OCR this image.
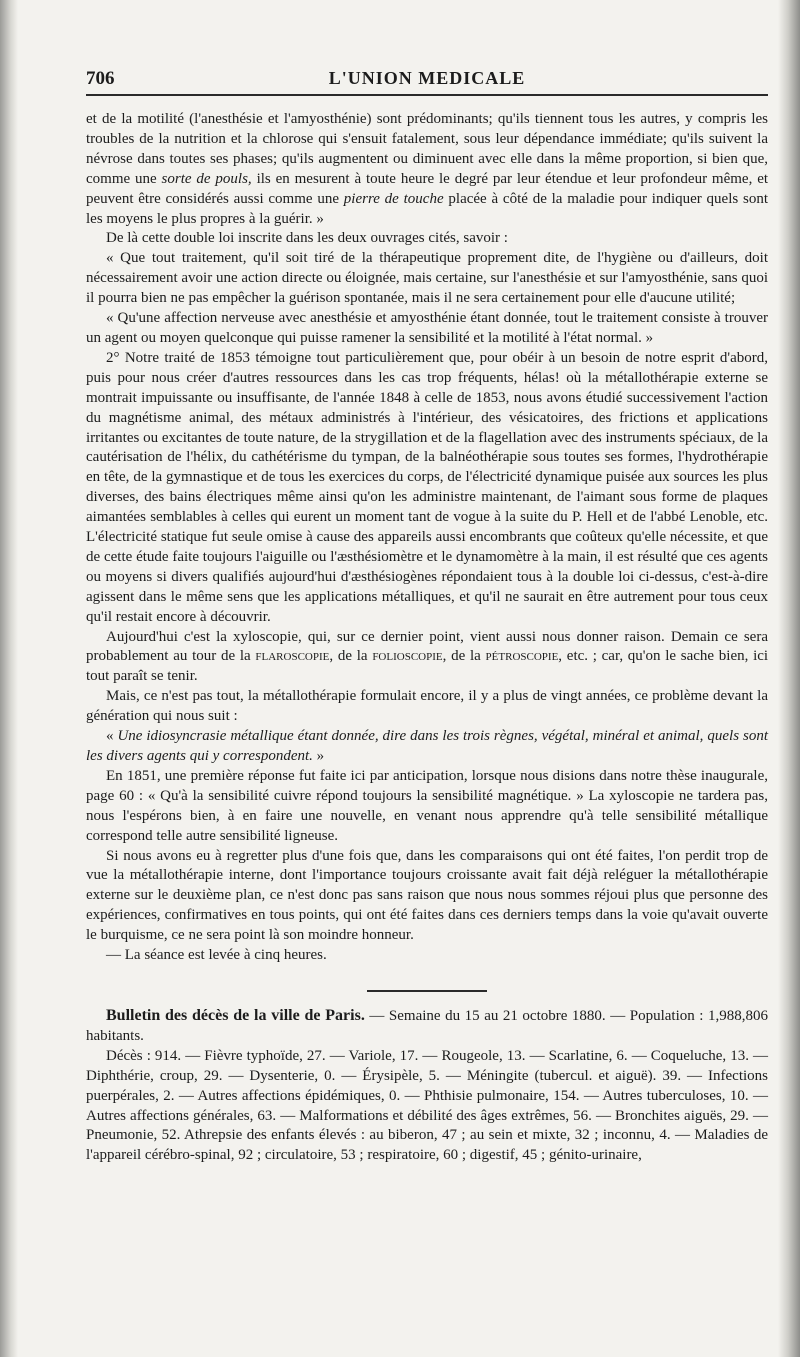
706	L'UNION MEDICALE

et de la motilité (l'anesthésie et l'amyosthénie) sont prédominants; qu'ils tiennent tous les autres, y compris les troubles de la nutrition et la chlorose qui s'ensuit fatalement, sous leur dépendance immédiate; qu'ils suivent la névrose dans toutes ses phases; qu'ils augmentent ou diminuent avec elle dans la même proportion, si bien que, comme une sorte de pouls, ils en mesurent à toute heure le degré par leur étendue et leur profondeur même, et peuvent être considérés aussi comme une pierre de touche placée à côté de la maladie pour indiquer quels sont les moyens le plus propres à la guérir. »

De là cette double loi inscrite dans les deux ouvrages cités, savoir :

« Que tout traitement, qu'il soit tiré de la thérapeutique proprement dite, de l'hygiène ou d'ailleurs, doit nécessairement avoir une action directe ou éloignée, mais certaine, sur l'anesthésie et sur l'amyosthénie, sans quoi il pourra bien ne pas empêcher la guérison spontanée, mais il ne sera certainement pour elle d'aucune utilité;

« Qu'une affection nerveuse avec anesthésie et amyosthénie étant donnée, tout le traitement consiste à trouver un agent ou moyen quelconque qui puisse ramener la sensibilité et la motilité à l'état normal. »

2° Notre traité de 1853 témoigne tout particulièrement que, pour obéir à un besoin de notre esprit d'abord, puis pour nous créer d'autres ressources dans les cas trop fréquents, hélas! où la métallothérapie externe se montrait impuissante ou insuffisante, de l'année 1848 à celle de 1853, nous avons étudié successivement l'action du magnétisme animal, des métaux administrés à l'intérieur, des vésicatoires, des frictions et applications irritantes ou excitantes de toute nature, de la strygillation et de la flagellation avec des instruments spéciaux, de la cautérisation de l'hélix, du cathétérisme du tympan, de la balnéothérapie sous toutes ses formes, l'hydrothérapie en tête, de la gymnastique et de tous les exercices du corps, de l'électricité dynamique puisée aux sources les plus diverses, des bains électriques même ainsi qu'on les administre maintenant, de l'aimant sous forme de plaques aimantées semblables à celles qui eurent un moment tant de vogue à la suite du P. Hell et de l'abbé Lenoble, etc. L'électricité statique fut seule omise à cause des appareils aussi encombrants que coûteux qu'elle nécessite, et que de cette étude faite toujours l'aiguille ou l'æsthésiomètre et le dynamomètre à la main, il est résulté que ces agents ou moyens si divers qualifiés aujourd'hui d'æsthésiogènes répondaient tous à la double loi ci-dessus, c'est-à-dire agissent dans le même sens que les applications métalliques, et qu'il ne saurait en être autrement pour tous ceux qu'il restait encore à découvrir.

Aujourd'hui c'est la xyloscopie, qui, sur ce dernier point, vient aussi nous donner raison. Demain ce sera probablement au tour de la flaroscopie, de la folioscopie, de la pétroscopie, etc. ; car, qu'on le sache bien, ici tout paraît se tenir.

Mais, ce n'est pas tout, la métallothérapie formulait encore, il y a plus de vingt années, ce problème devant la génération qui nous suit :

« Une idiosyncrasie métallique étant donnée, dire dans les trois règnes, végétal, minéral et animal, quels sont les divers agents qui y correspondent. »

En 1851, une première réponse fut faite ici par anticipation, lorsque nous disions dans notre thèse inaugurale, page 60 : « Qu'à la sensibilité cuivre répond toujours la sensibilité magnétique. » La xyloscopie ne tardera pas, nous l'espérons bien, à en faire une nouvelle, en venant nous apprendre qu'à telle sensibilité métallique correspond telle autre sensibilité ligneuse.

Si nous avons eu à regretter plus d'une fois que, dans les comparaisons qui ont été faites, l'on perdit trop de vue la métallothérapie interne, dont l'importance toujours croissante avait fait déjà reléguer la métallothérapie externe sur le deuxième plan, ce n'est donc pas sans raison que nous nous sommes réjoui plus que personne des expériences, confirmatives en tous points, qui ont été faites dans ces derniers temps dans la voie qu'avait ouverte le burquisme, ce ne sera point là son moindre honneur.

— La séance est levée à cinq heures.

Bulletin des décès de la ville de Paris. — Semaine du 15 au 21 octobre 1880. — Population : 1,988,806 habitants.

Décès : 914. — Fièvre typhoïde, 27. — Variole, 17. — Rougeole, 13. — Scarlatine, 6. — Coqueluche, 13. — Diphthérie, croup, 29. — Dysenterie, 0. — Érysipèle, 5. — Méningite (tubercul. et aiguë). 39. — Infections puerpérales, 2. — Autres affections épidémiques, 0. — Phthisie pulmonaire, 154. — Autres tuberculoses, 10. — Autres affections générales, 63. — Malformations et débilité des âges extrêmes, 56. — Bronchites aiguës, 29. — Pneumonie, 52. Athrepsie des enfants élevés : au biberon, 47 ; au sein et mixte, 32 ; inconnu, 4. — Maladies de l'appareil cérébro-spinal, 92 ; circulatoire, 53 ; respiratoire, 60 ; digestif, 45 ; génito-urinaire,
